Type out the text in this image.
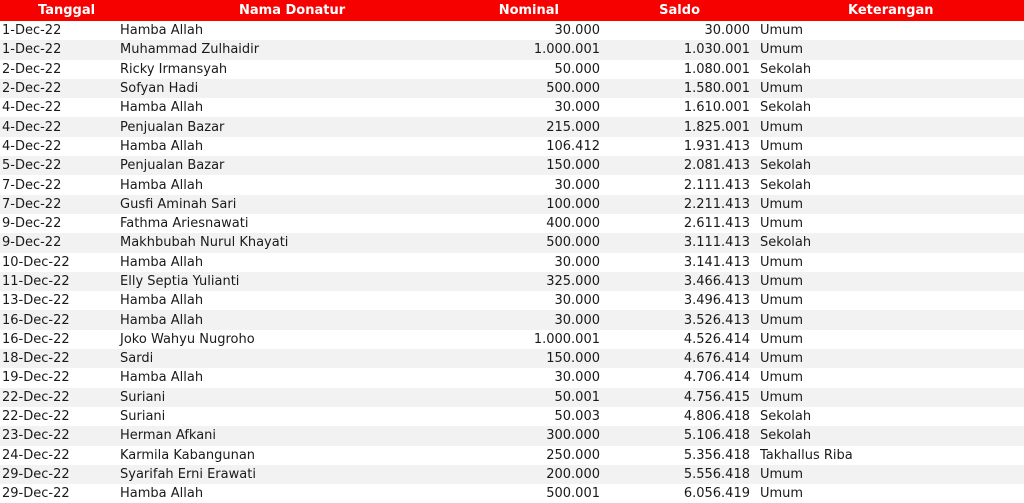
Tanggal	Nama Donatur	Nominal	Saldo	Keterangan
1-Dec-22	Hamba Allah	30.000	30.000	Umum
1-Dec-22	Muhammad Zulhaidir	1.000.001	1.030.001	Umum
2-Dec-22	Ricky Irmansyah	50.000	1.080.001	Sekolah
2-Dec-22	Sofyan Hadi	500.000	1.580.001	Umum
4-Dec-22	Hamba Allah	30.000	1.610.001	Sekolah
4-Dec-22	Penjualan Bazar	215.000	1.825.001	Umum
4-Dec-22	Hamba Allah	106.412	1.931.413	Umum
5-Dec-22	Penjualan Bazar	150.000	2.081.413	Sekolah
7-Dec-22	Hamba Allah	30.000	2.111.413	Sekolah
7-Dec-22	Gusfi Aminah Sari	100.000	2.211.413	Umum
9-Dec-22	Fathma Ariesnawati	400.000	2.611.413	Umum
9-Dec-22	Makhbubah Nurul Khayati	500.000	3.111.413	Sekolah
10-Dec-22	Hamba Allah	30.000	3.141.413	Umum
11-Dec-22	Elly Septia Yulianti	325.000	3.466.413	Umum
13-Dec-22	Hamba Allah	30.000	3.496.413	Umum
16-Dec-22	Hamba Allah	30.000	3.526.413	Umum
16-Dec-22	Joko Wahyu Nugroho	1.000.001	4.526.414	Umum
18-Dec-22	Sardi	150.000	4.676.414	Umum
19-Dec-22	Hamba Allah	30.000	4.706.414	Umum
22-Dec-22	Suriani	50.001	4.756.415	Umum
22-Dec-22	Suriani	50.003	4.806.418	Sekolah
23-Dec-22	Herman Afkani	300.000	5.106.418	Sekolah
24-Dec-22	Karmila Kabangunan	250.000	5.356.418	Takhallus Riba
29-Dec-22	Syarifah Erni Erawati	200.000	5.556.418	Umum
29-Dec-22	Hamba Allah	500.001	6.056.419	Umum
